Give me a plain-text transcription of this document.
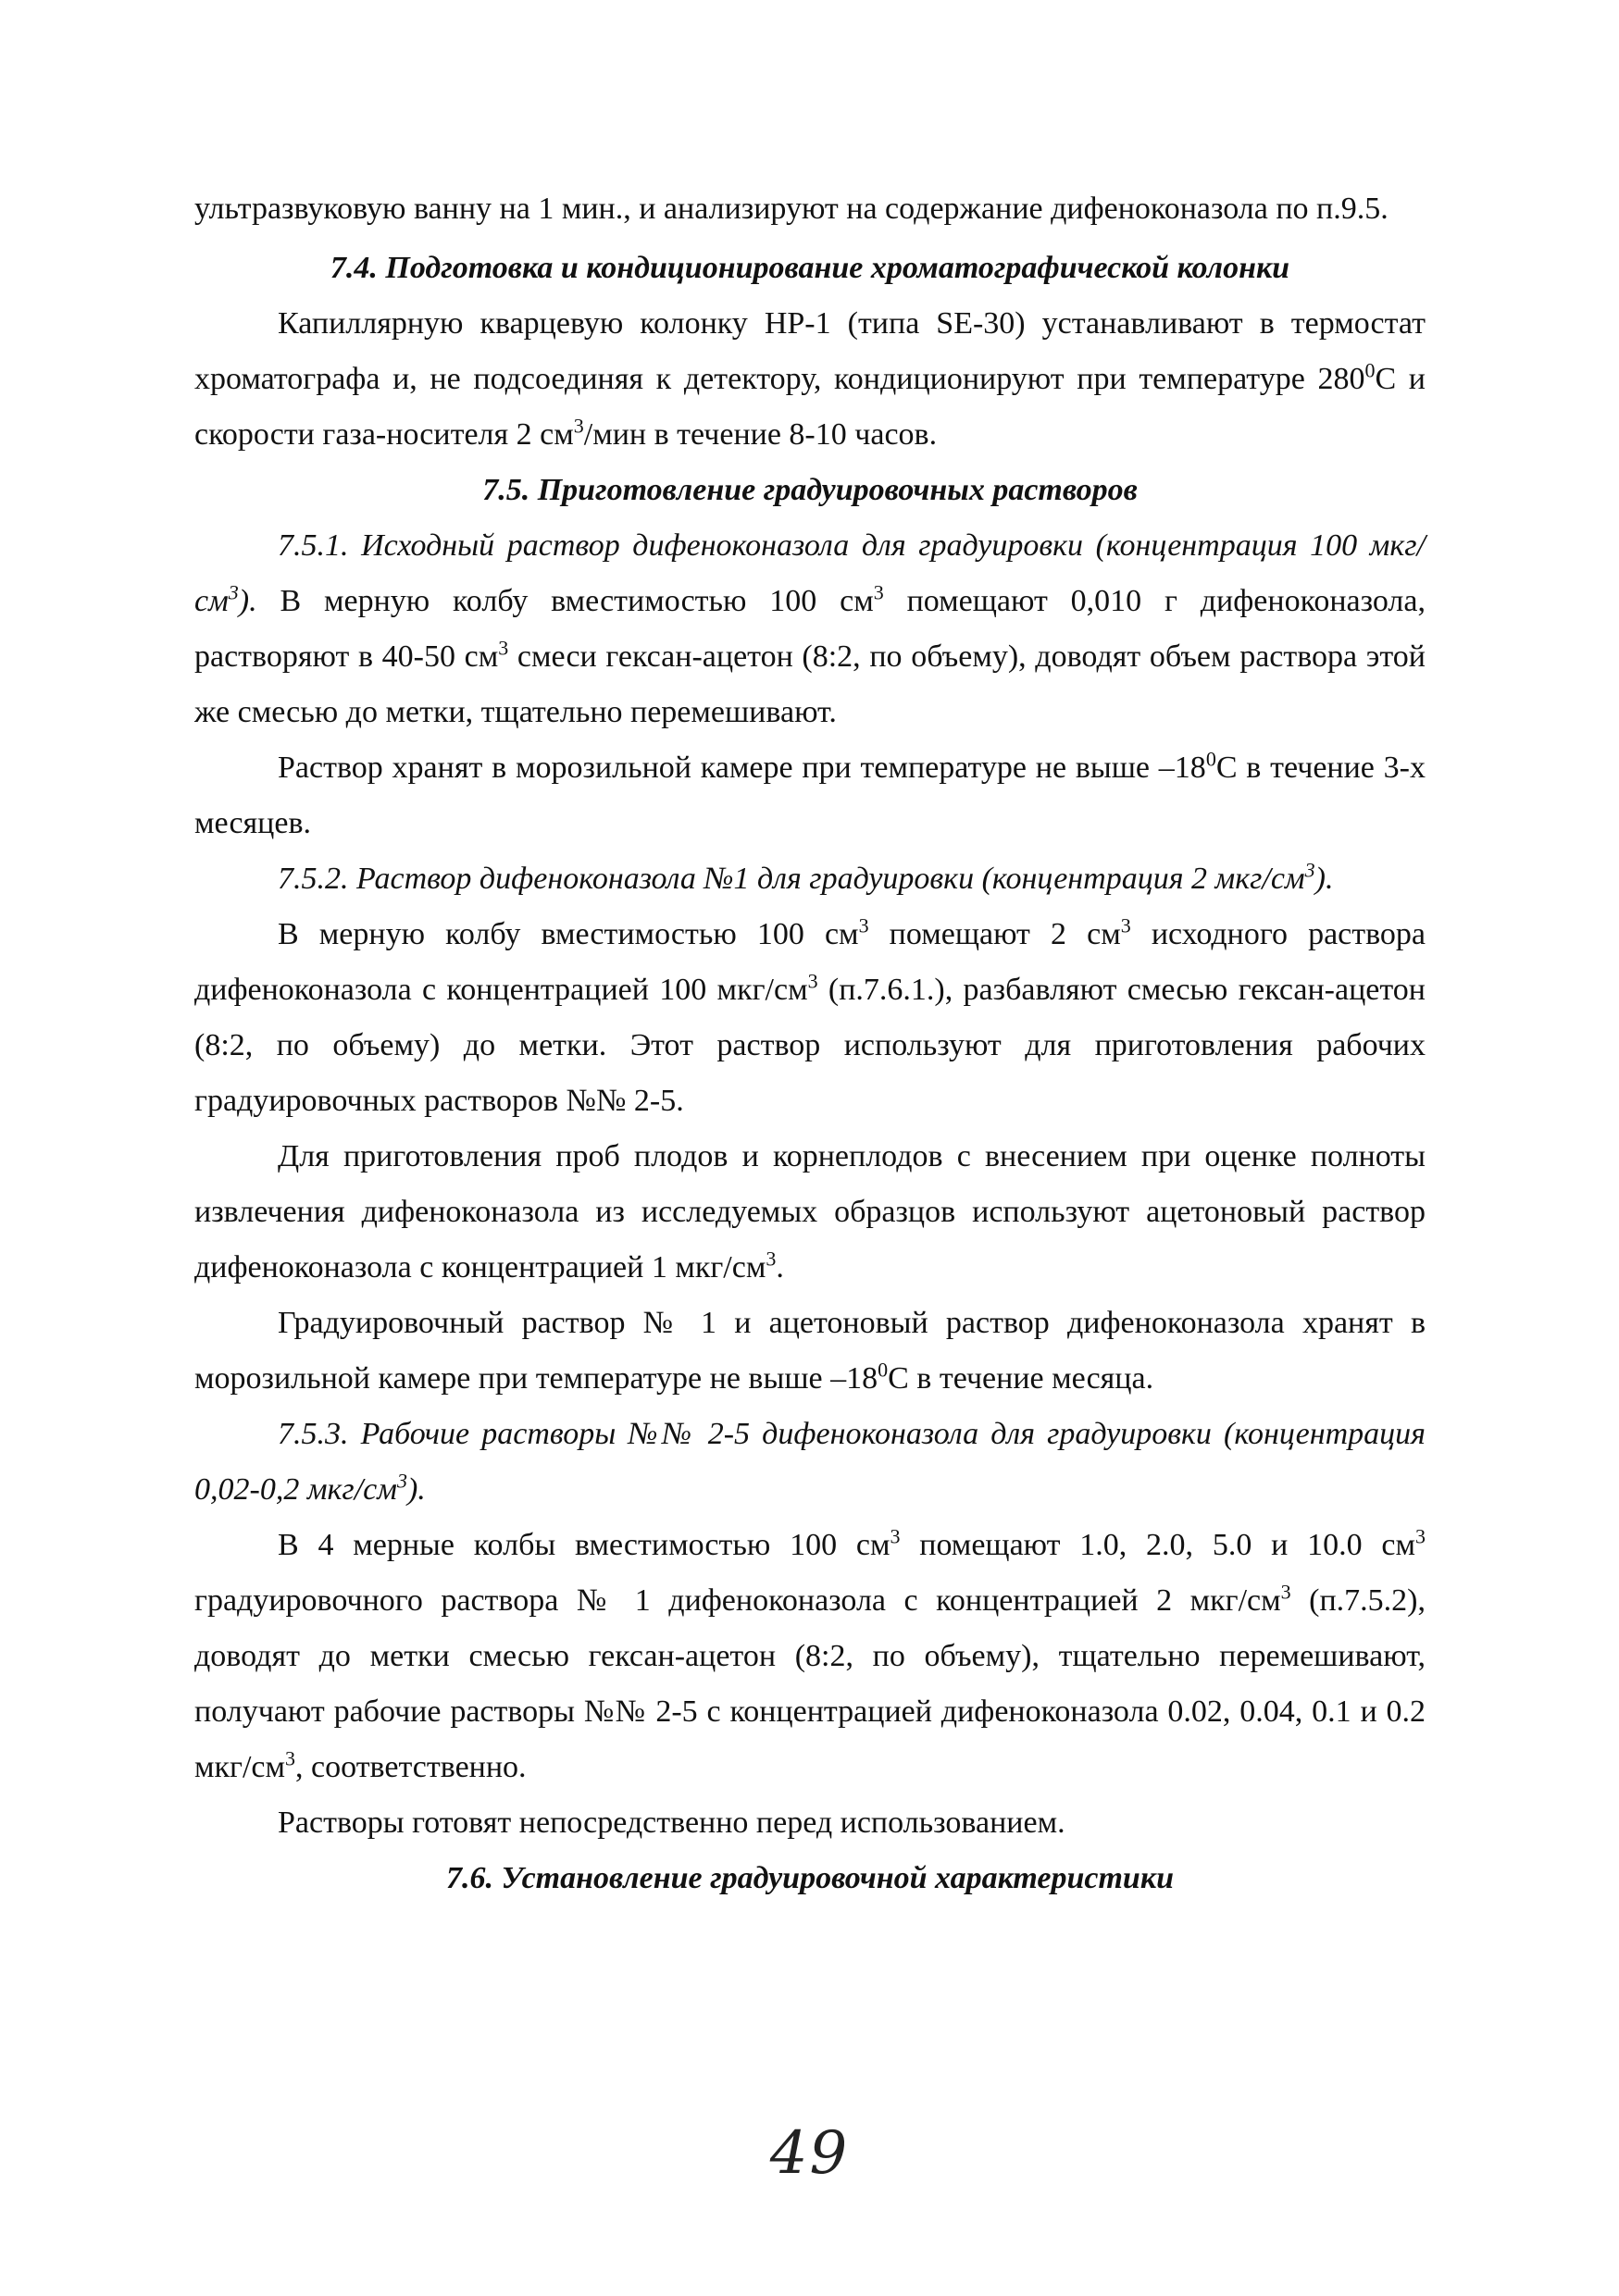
ультразвуковую ванну на 1 мин., и анализируют на содержание дифеноконазола по п.9.5.

7.4. Подготовка и кондиционирование хроматографической колонки

Капиллярную кварцевую колонку HP-1 (типа SE-30) устанавливают в термостат хроматографа и, не подсоединяя к детектору, кондиционируют при температуре $280^0С$ и скорости газа-носителя 2 $см^3$/мин в течение 8-10 часов.

7.5. Приготовление градуировочных растворов

7.5.1. Исходный раствор дифеноконазола для градуировки (концентрация 100 мкг/$см^3$). В мерную колбу вместимостью 100 $см^3$ помещают 0,010 г дифеноконазола, растворяют в 40-50 $см^3$ смеси гексан-ацетон (8:2, по объему), доводят объем раствора этой же смесью до метки, тщательно перемешивают.

Раствор хранят в морозильной камере при температуре не выше $-18^0С$ в течение 3-х месяцев.

7.5.2. Раствор дифеноконазола №1 для градуировки (концентрация 2 мкг/$см^3$).

В мерную колбу вместимостью 100 $см^3$ помещают 2 $см^3$ исходного раствора дифеноконазола с концентрацией 100 мкг/$см^3$ (п.7.6.1.), разбавляют смесью гексан-ацетон (8:2, по объему) до метки. Этот раствор используют для приготовления рабочих градуировочных растворов №№ 2-5.

Для приготовления проб плодов и корнеплодов с внесением при оценке полноты извлечения дифеноконазола из исследуемых образцов используют ацетоновый раствор дифеноконазола с концентрацией 1 мкг/$см^3$.

Градуировочный раствор № 1 и ацетоновый раствор дифеноконазола хранят в морозильной камере при температуре не выше $-18^0С$ в течение месяца.

7.5.3. Рабочие растворы №№ 2-5 дифеноконазола для градуировки (концентрация 0,02-0,2 мкг/$см^3$).

В 4 мерные колбы вместимостью 100 $см^3$ помещают 1.0, 2.0, 5.0 и 10.0 $см^3$ градуировочного раствора № 1 дифеноконазола с концентрацией 2 мкг/$см^3$ (п.7.5.2), доводят до метки смесью гексан-ацетон (8:2, по объему), тщательно перемешивают, получают рабочие растворы №№ 2-5 с концентрацией дифеноконазола 0.02, 0.04, 0.1 и 0.2 мкг/$см^3$, соответственно.

Растворы готовят непосредственно перед использованием.

7.6. Установление градуировочной характеристики

49
